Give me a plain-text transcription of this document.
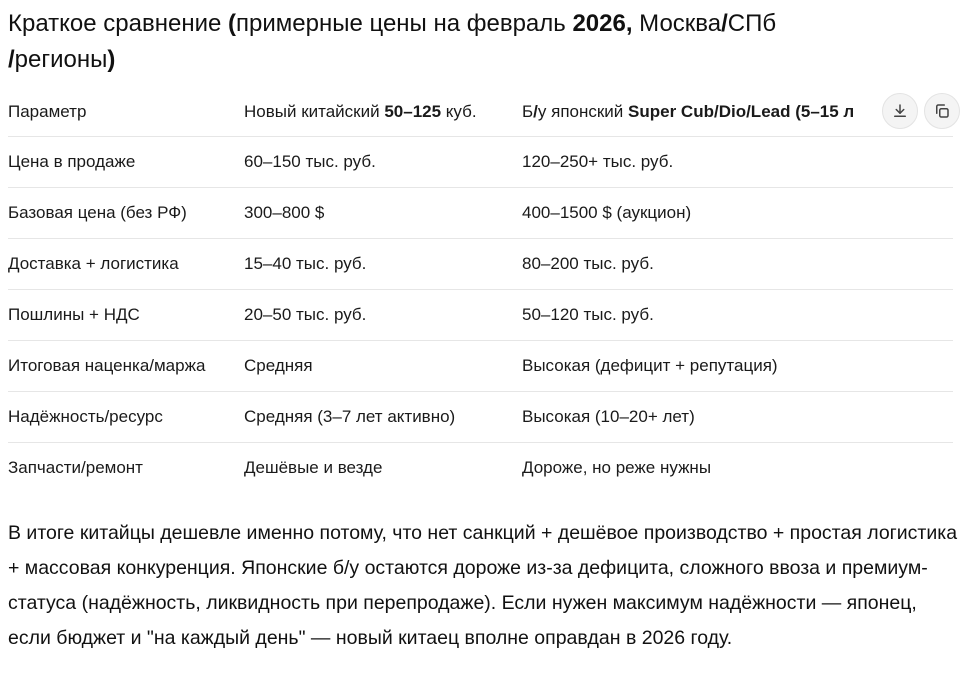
Краткое сравнение (примерные цены на февраль 2026, Москва/СПб
/регионы)
Параметр	Новый китайский 50–125 куб.	Б/у японский Super Cub/Dio/Lead (5–15 л
Цена в продаже	60–150 тыс. руб.	120–250+ тыс. руб.
Базовая цена (без РФ)	300–800 $	400–1500 $ (аукцион)
Доставка + логистика	15–40 тыс. руб.	80–200 тыс. руб.
Пошлины + НДС	20–50 тыс. руб.	50–120 тыс. руб.
Итоговая наценка/маржа	Средняя	Высокая (дефицит + репутация)
Надёжность/ресурс	Средняя (3–7 лет активно)	Высокая (10–20+ лет)
Запчасти/ремонт	Дешёвые и везде	Дороже, но реже нужны
В итоге китайцы дешевле именно потому, что нет санкций + дешёвое производство + простая логистика + массовая конкуренция. Японские б/у остаются дороже из-за дефицита, сложного ввоза и премиум-статуса (надёжность, ликвидность при перепродаже). Если нужен максимум надёжности — японец, если бюджет и "на каждый день" — новый китаец вполне оправдан в 2026 году.
